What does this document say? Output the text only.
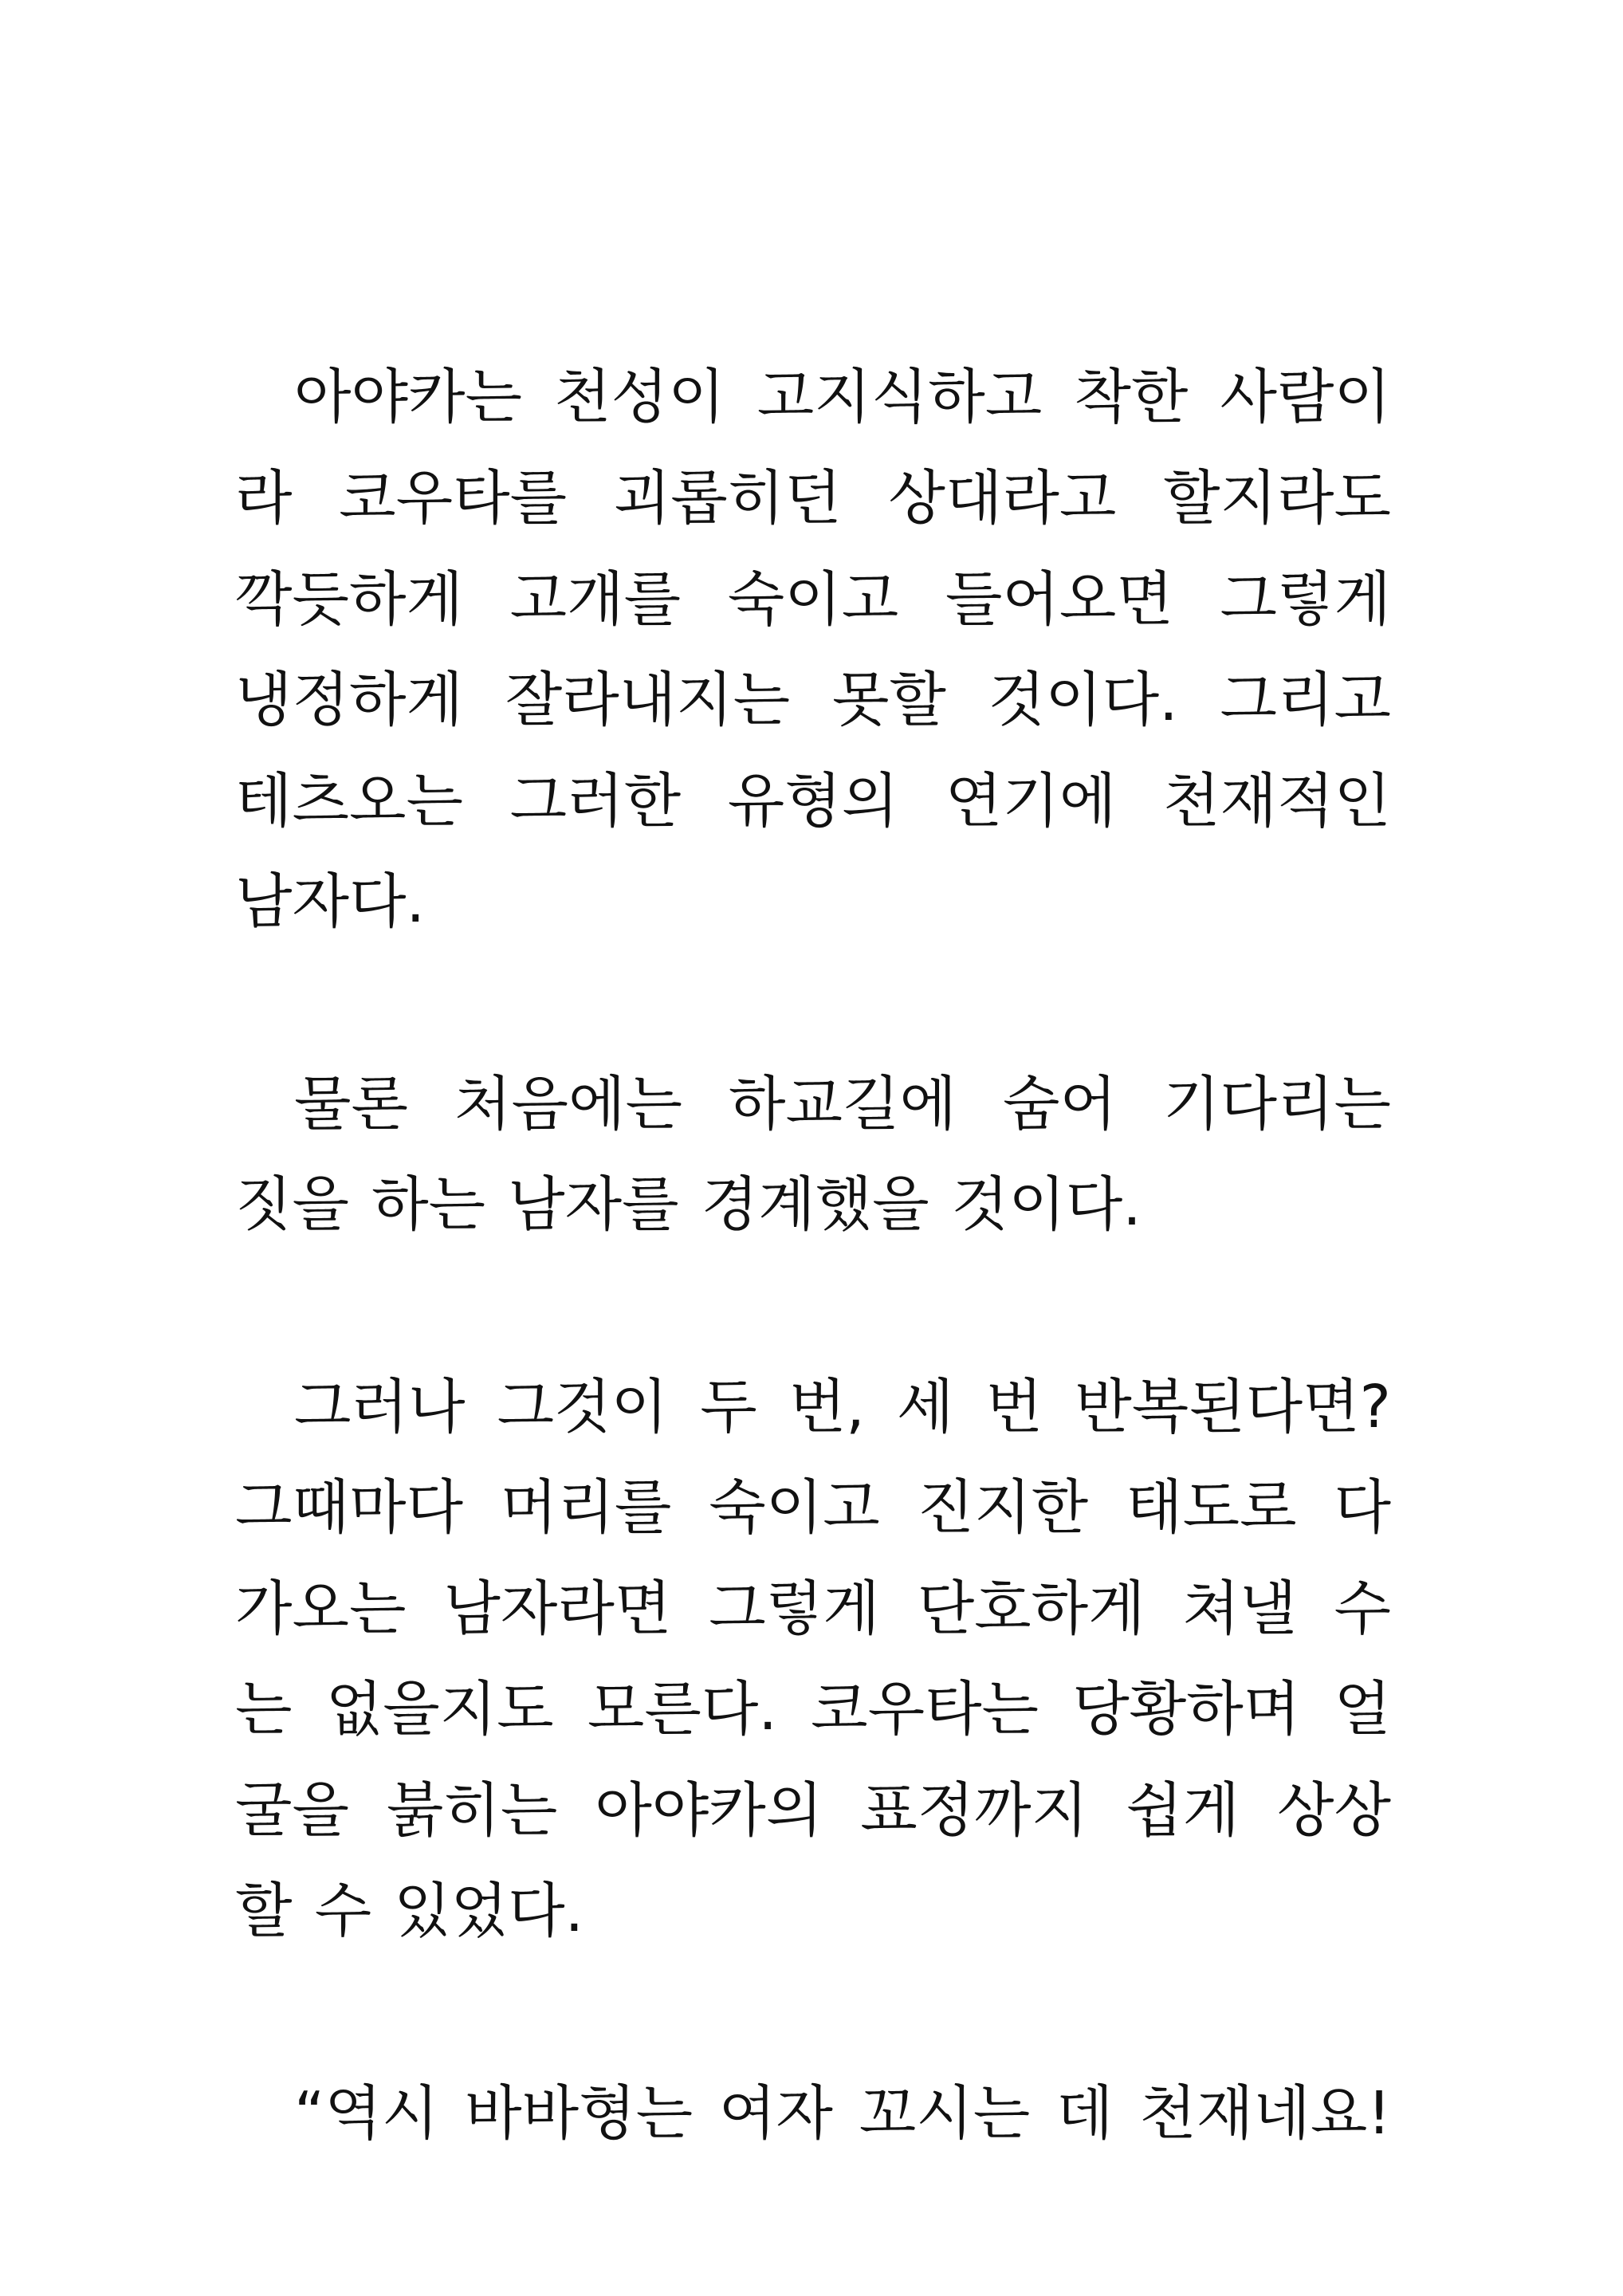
아야카는 천성이 고지식하고 착한 사람이
라 코우타를 괴롭히던 상대라고 할지라도
깍듯하게 고개를 숙이고 들어오면 그렇게
냉정하게 잘라내지는 못할 것이다. 그리고
테츠오는 그러한 유형의 연기에 천재적인
남자다.
물론 처음에는 하교길에 숨어 기다리는
짓을 하는 남자를 경계했을 것이다.
그러나 그것이 두 번, 세 번 반복된다면?
그때마다 머리를 숙이고 진지한 태도로 다
가오는 남자라면 그렇게 단호하게 쳐낼 수
는 없을지도 모른다. 코우타는 당황하며 얼
굴을 붉히는 아야카의 표정까지 쉽게 상상
할 수 있었다.
“역시 바바형는 여자 꼬시는 데 천재네요!
